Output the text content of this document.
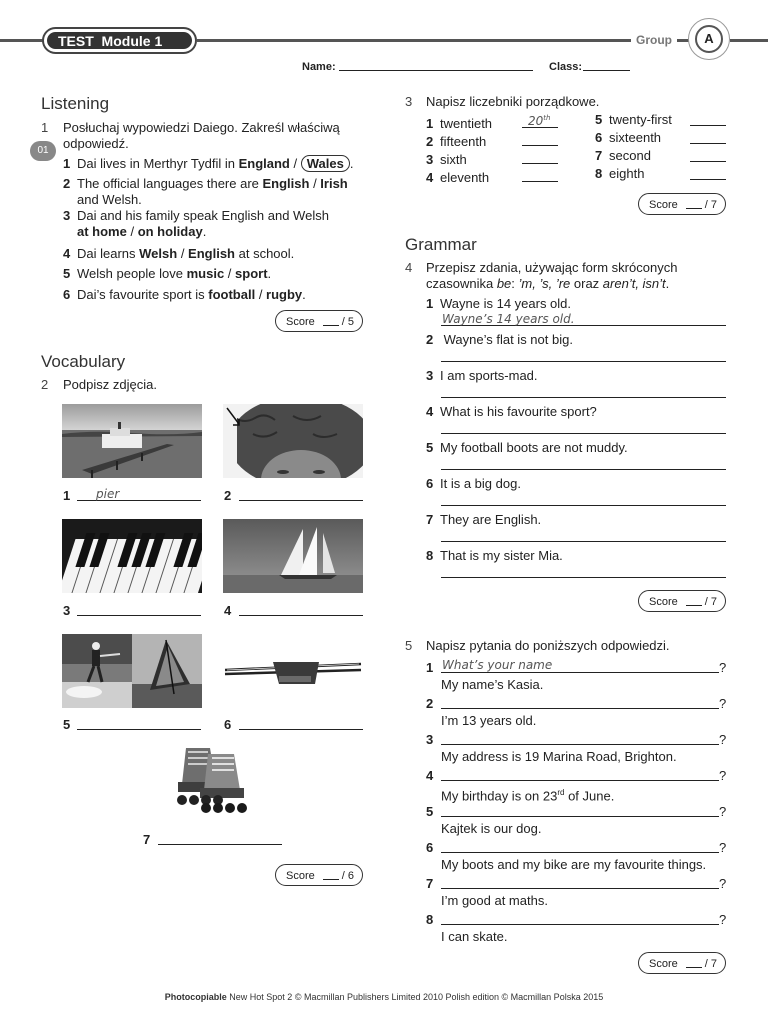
TEST  Module 1	Group	A
Name:	Class:
Listening
1 Posłuchaj wypowiedzi Daiego. Zakreśl właściwą odpowiedź.
01
1 Dai lives in Merthyr Tydfil in England / Wales .
2 The official languages there are English / Irish
and Welsh.
3 Dai and his family speak English and Welsh
at home / on holiday.
4 Dai learns Welsh / English at school.
5 Welsh people love music / sport.
6 Dai’s favourite sport is football / rugby.
Score / 5
Vocabulary
2 Podpisz zdjęcia.
1 pier	2
3	4
5	6
7
Score / 6
3 Napisz liczebniki porządkowe.
1 twentieth	20th
2 fifteenth
3 sixth
4 eleventh
5 twenty-first
6 sixteenth
7 second
8 eighth
Score / 7
Grammar
4 Przepisz zdania, używając form skróconych czasownika be: ’m, ’s, ’re oraz aren’t, isn’t.
1 Wayne is 14 years old.
Wayne’s 14 years old.
2 Wayne’s flat is not big.
3 I am sports-mad.
4 What is his favourite sport?
5 My football boots are not muddy.
6 It is a big dog.
7 They are English.
8 That is my sister Mia.
Score / 7
5 Napisz pytania do poniższych odpowiedzi.
1 What’s your name	?
My name’s Kasia.
2	?
I’m 13 years old.
3	?
My address is 19 Marina Road, Brighton.
4	?
My birthday is on 23rd of June.
5	?
Kajtek is our dog.
6	?
My boots and my bike are my favourite things.
7	?
I’m good at maths.
8	?
I can skate.
Score / 7
Photocopiable New Hot Spot 2 © Macmillan Publishers Limited 2010 Polish edition © Macmillan Polska 2015
